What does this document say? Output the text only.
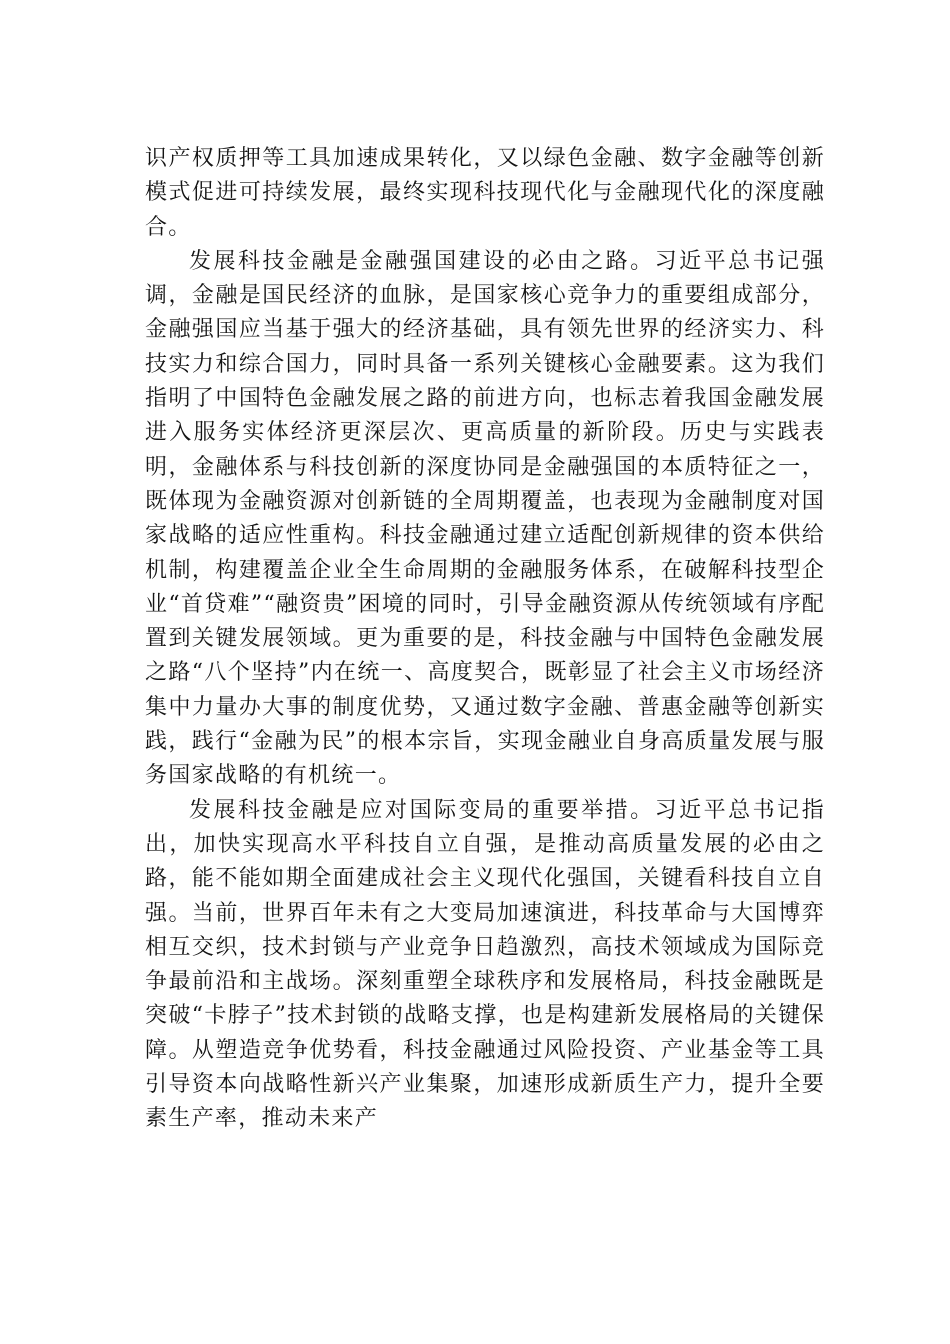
识产权质押等工具加速成果转化，又以绿色金融、数字金融等创新模式促进可持续发展，最终实现科技现代化与金融现代化的深度融合。

发展科技金融是金融强国建设的必由之路。习近平总书记强调，金融是国民经济的血脉，是国家核心竞争力的重要组成部分，金融强国应当基于强大的经济基础，具有领先世界的经济实力、科技实力和综合国力，同时具备一系列关键核心金融要素。这为我们指明了中国特色金融发展之路的前进方向，也标志着我国金融发展进入服务实体经济更深层次、更高质量的新阶段。历史与实践表明，金融体系与科技创新的深度协同是金融强国的本质特征之一，既体现为金融资源对创新链的全周期覆盖，也表现为金融制度对国家战略的适应性重构。科技金融通过建立适配创新规律的资本供给机制，构建覆盖企业全生命周期的金融服务体系，在破解科技型企业“首贷难”“融资贵”困境的同时，引导金融资源从传统领域有序配置到关键发展领域。更为重要的是，科技金融与中国特色金融发展之路“八个坚持”内在统一、高度契合，既彰显了社会主义市场经济集中力量办大事的制度优势，又通过数字金融、普惠金融等创新实践，践行“金融为民”的根本宗旨，实现金融业自身高质量发展与服务国家战略的有机统一。

发展科技金融是应对国际变局的重要举措。习近平总书记指出，加快实现高水平科技自立自强，是推动高质量发展的必由之路，能不能如期全面建成社会主义现代化强国，关键看科技自立自强。当前，世界百年未有之大变局加速演进，科技革命与大国博弈相互交织，技术封锁与产业竞争日趋激烈，高技术领域成为国际竞争最前沿和主战场。深刻重塑全球秩序和发展格局，科技金融既是突破“卡脖子”技术封锁的战略支撑，也是构建新发展格局的关键保障。从塑造竞争优势看，科技金融通过风险投资、产业基金等工具引导资本向战略性新兴产业集聚，加速形成新质生产力，提升全要素生产率，推动未来产
